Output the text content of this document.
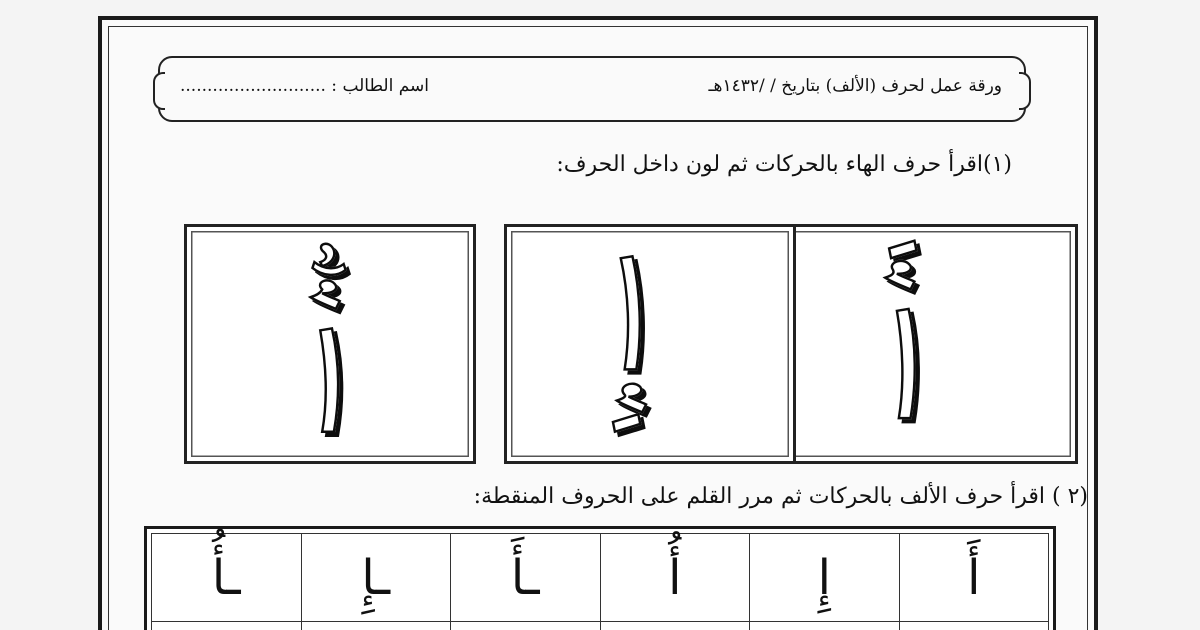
ورقة عمل لحرف (الألف) بتاريخ / /١٤٣٢هـ
اسم الطالب : ...........................
(١)اقرأ حرف الهاء بالحركات ثم لون داخل الحرف:
(٢ ) اقرأ حرف الألف بالحركات ثم مرر القلم على الحروف المنقطة:
أَ
إِ
أُ
ـأَ
ـإِ
ـأُ
